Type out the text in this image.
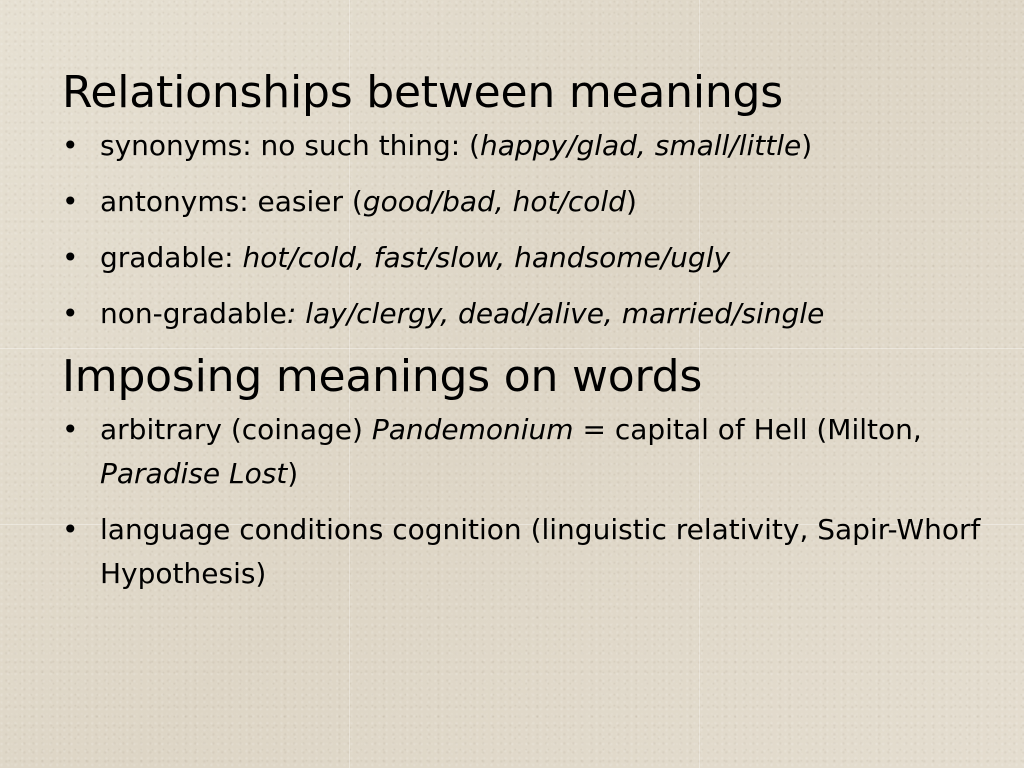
Relationships between meanings
• synonyms: no such thing: (happy/glad, small/little)
• antonyms: easier (good/bad, hot/cold)
• gradable: hot/cold, fast/slow, handsome/ugly
• non-gradable: lay/clergy, dead/alive, married/single
Imposing meanings on words
• arbitrary (coinage) Pandemonium = capital of Hell (Milton, Paradise Lost)
• language conditions cognition (linguistic relativity, Sapir-Whorf Hypothesis)
